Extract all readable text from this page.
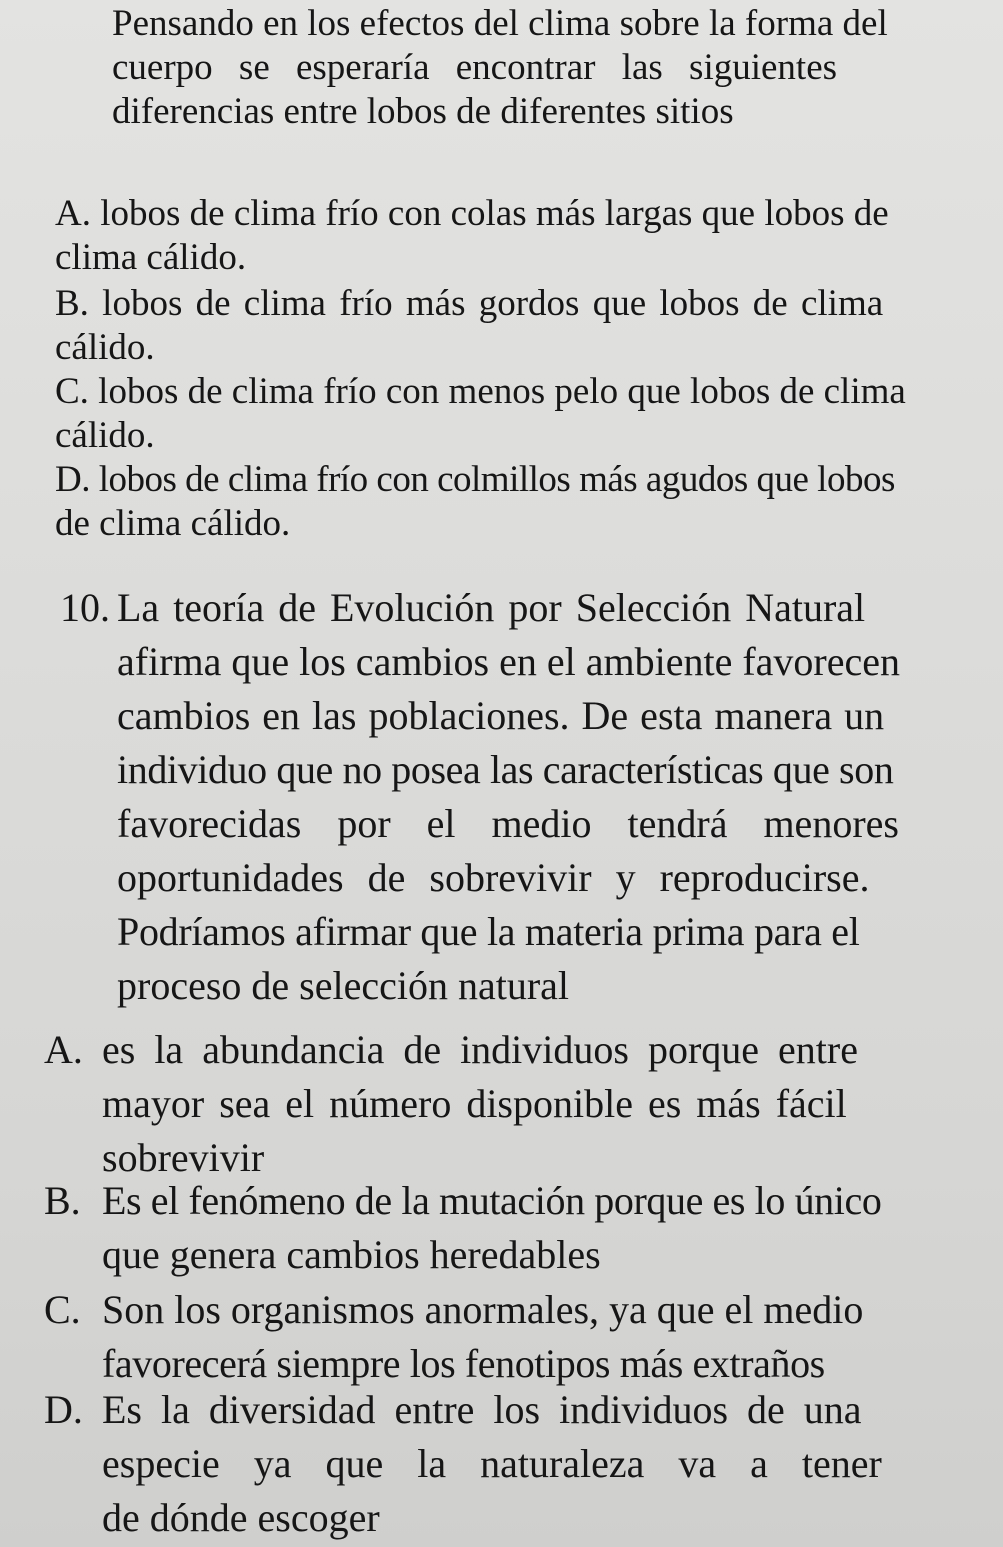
Pensando en los efectos del clima sobre la forma del
cuerpo se esperaría encontrar las siguientes
diferencias entre lobos de diferentes sitios
A. lobos de clima frío con colas más largas que lobos de
clima cálido.
B. lobos de clima frío más gordos que lobos de clima
cálido.
C. lobos de clima frío con menos pelo que lobos de clima
cálido.
D. lobos de clima frío con colmillos más agudos que lobos
de clima cálido.
10. La teoría de Evolución por Selección Natural
afirma que los cambios en el ambiente favorecen
cambios en las poblaciones. De esta manera un
individuo que no posea las características que son
favorecidas por el medio tendrá menores
oportunidades de sobrevivir y reproducirse.
Podríamos afirmar que la materia prima para el
proceso de selección natural
A. es la abundancia de individuos porque entre
mayor sea el número disponible es más fácil
sobrevivir
B. Es el fenómeno de la mutación porque es lo único
que genera cambios heredables
C. Son los organismos anormales, ya que el medio
favorecerá siempre los fenotipos más extraños
D. Es la diversidad entre los individuos de una
especie ya que la naturaleza va a tener
de dónde escoger
